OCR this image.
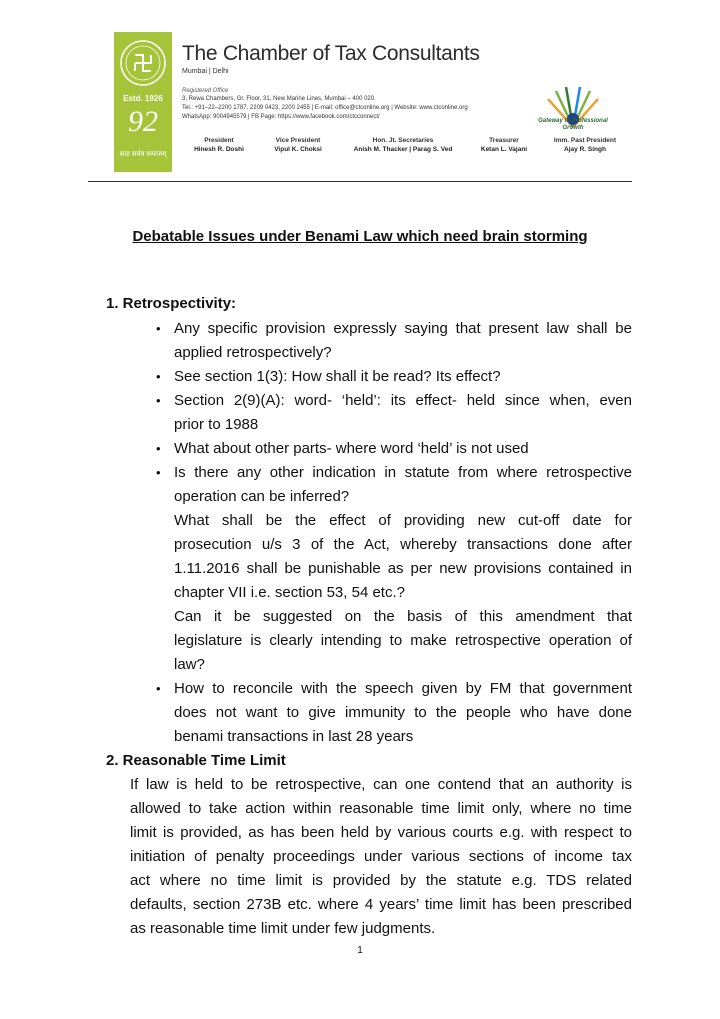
Estd. 1926
92
सदा सर्वत्र समाजम्
The Chamber of Tax Consultants
Mumbai | Delhi
Registered Office
3, Rewa Chambers, Gr. Floor, 31, New Marine Lines, Mumbai – 400 020.
Tel.: +91–22–2200 1787, 2209 0423, 2200 2455 | E-mail: office@ctconline.org | Website: www.ctconline.org
WhatsApp: 9004945579 | FB Page: https://www.facebook.com/ctcconnect/
Gateway to Professional Growth
President
Hinesh R. Doshi
Vice President
Vipul K. Choksi
Hon. Jt. Secretaries
Anish M. Thacker | Parag S. Ved
Treasurer
Ketan L. Vajani
Imm. Past President
Ajay R. Singh
Debatable Issues under Benami Law which need brain storming
1. Retrospectivity:
• Any specific provision expressly saying that present law shall be
applied retrospectively?
• See section 1(3): How shall it be read? Its effect?
• Section 2(9)(A): word- ‘held’: its effect- held since when, even
prior to 1988
• What about other parts- where word ‘held’ is not used
• Is there any other indication in statute from where retrospective
operation can be inferred?
What shall be the effect of providing new cut-off date for
prosecution u/s 3 of the Act, whereby transactions done after
1.11.2016 shall be punishable as per new provisions contained in
chapter VII i.e. section 53, 54 etc.?
Can it be suggested on the basis of this amendment that
legislature is clearly intending to make retrospective operation of
law?
• How to reconcile with the speech given by FM that government
does not want to give immunity to the people who have done
benami transactions in last 28 years
2. Reasonable Time Limit
If law is held to be retrospective, can one contend that an authority is
allowed to take action within reasonable time limit only, where no time
limit is provided, as has been held by various courts e.g. with respect to
initiation of penalty proceedings under various sections of income tax
act where no time limit is provided by the statute e.g. TDS related
defaults, section 273B etc. where 4 years’ time limit has been prescribed
as reasonable time limit under few judgments.
1
